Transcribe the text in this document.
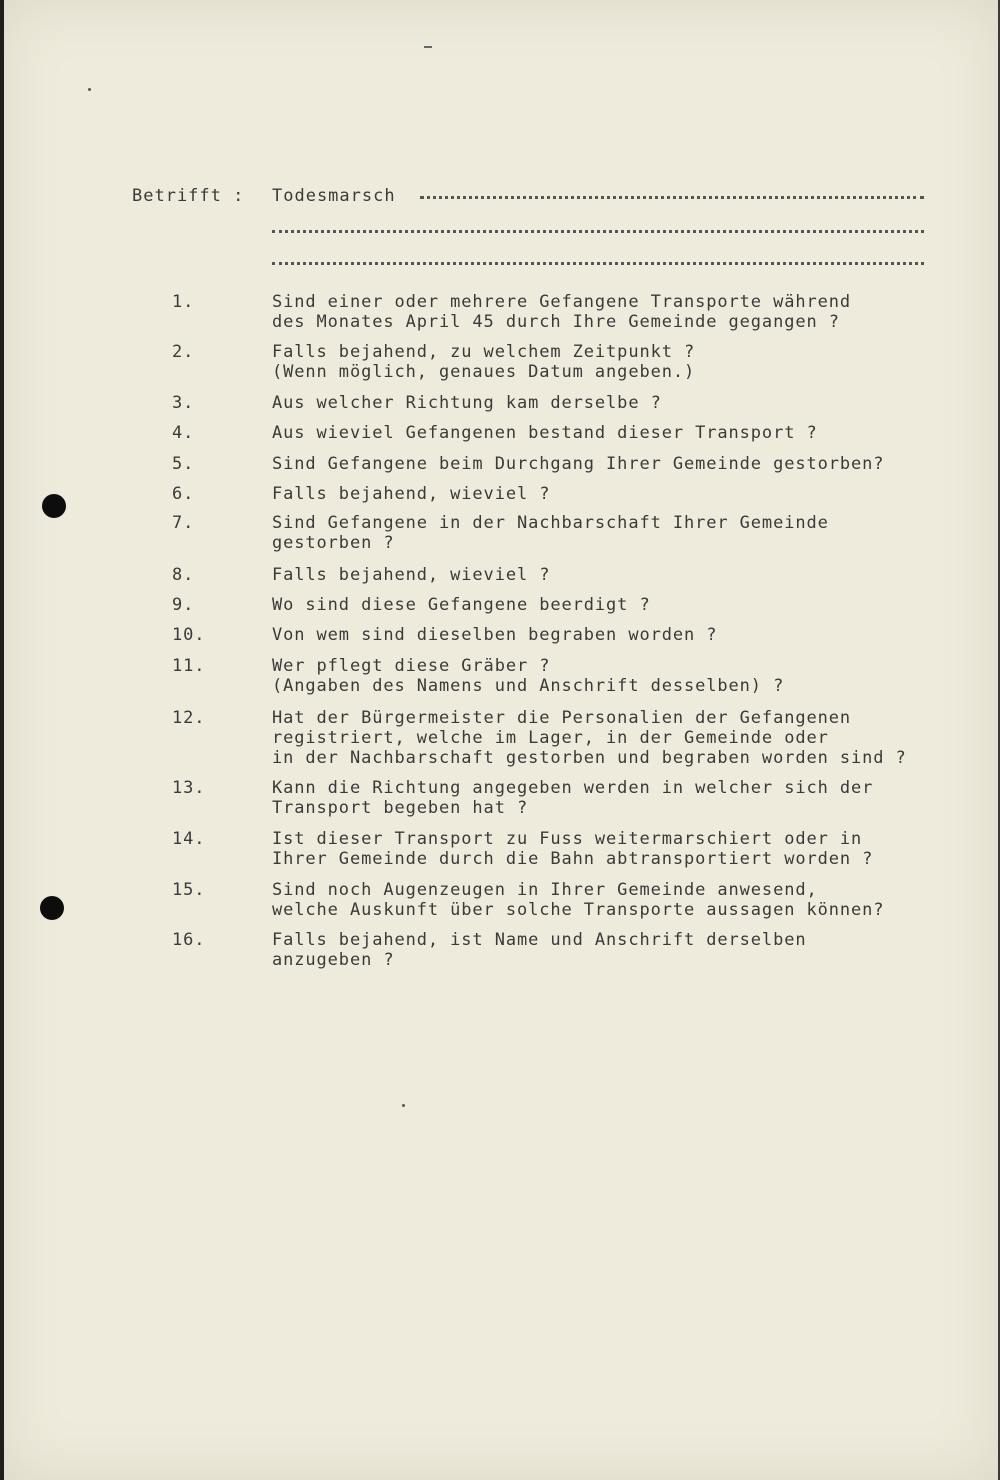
Betrifft : Todesmarsch
1.	Sind einer oder mehrere Gefangene Transporte während
des Monates April 45 durch Ihre Gemeinde gegangen ?
2.	Falls bejahend, zu welchem Zeitpunkt ?
(Wenn möglich, genaues Datum angeben.)
3.	Aus welcher Richtung kam derselbe ?
4.	Aus wieviel Gefangenen bestand dieser Transport ?
5.	Sind Gefangene beim Durchgang Ihrer Gemeinde gestorben?
6.	Falls bejahend, wieviel ?
7.	Sind Gefangene in der Nachbarschaft Ihrer Gemeinde
gestorben ?
8.	Falls bejahend, wieviel ?
9.	Wo sind diese Gefangene beerdigt ?
10.	Von wem sind dieselben begraben worden ?
11.	Wer pflegt diese Gräber ?
(Angaben des Namens und Anschrift desselben) ?
12.	Hat der Bürgermeister die Personalien der Gefangenen
registriert, welche im Lager, in der Gemeinde oder
in der Nachbarschaft gestorben und begraben worden sind ?
13.	Kann die Richtung angegeben werden in welcher sich der
Transport begeben hat ?
14.	Ist dieser Transport zu Fuss weitermarschiert oder in
Ihrer Gemeinde durch die Bahn abtransportiert worden ?
15.	Sind noch Augenzeugen in Ihrer Gemeinde anwesend,
welche Auskunft über solche Transporte aussagen können?
16.	Falls bejahend, ist Name und Anschrift derselben
anzugeben ?
